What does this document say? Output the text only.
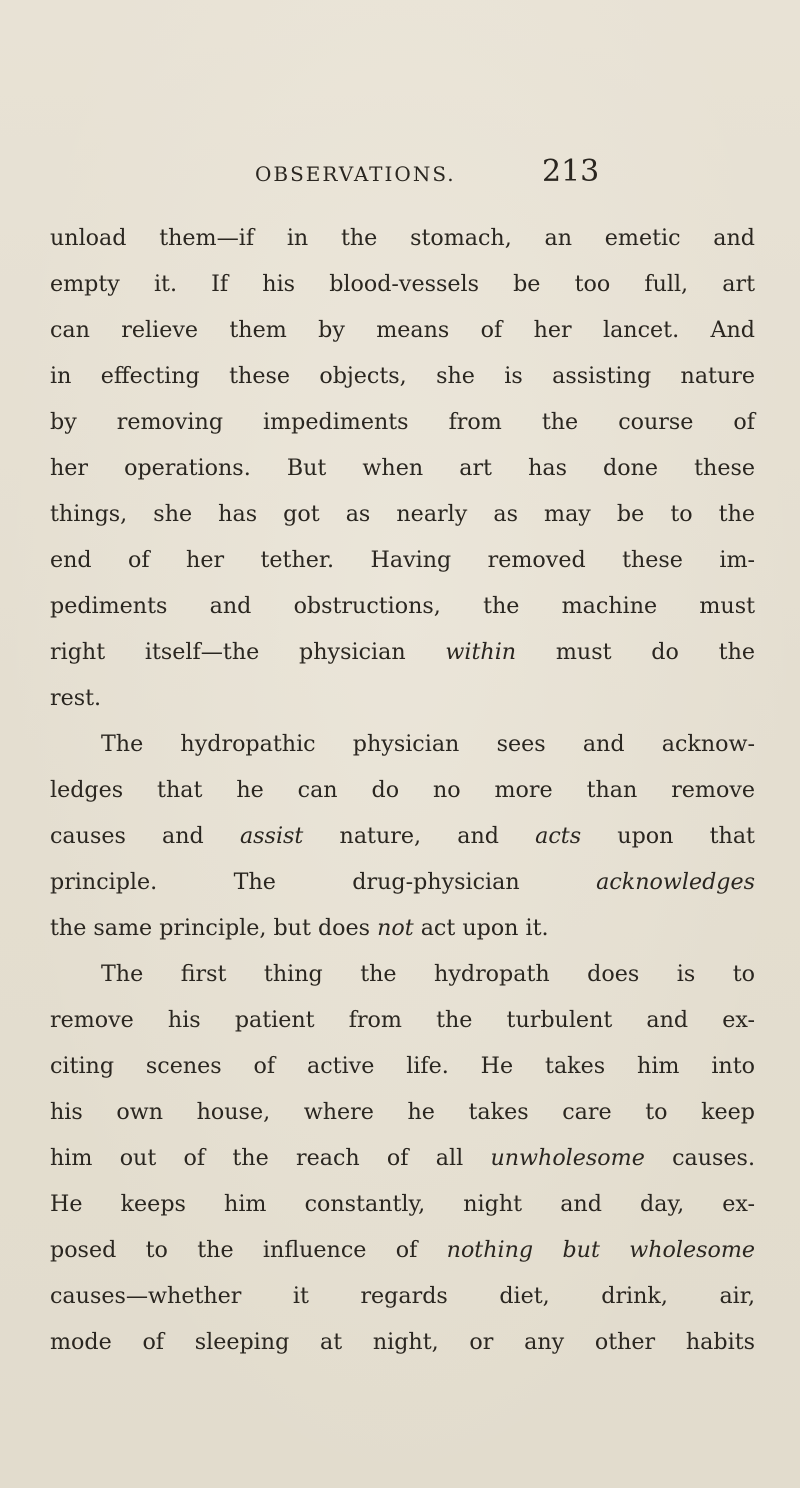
OBSERVATIONS.	213
unload them—if in the stomach, an emetic and
empty it. If his blood-vessels be too full, art
can relieve them by means of her lancet. And
in effecting these objects, she is assisting nature
by removing impediments from the course of
her operations. But when art has done these
things, she has got as nearly as may be to the
end of her tether. Having removed these im-
pediments and obstructions, the machine must
right itself—the physician within must do the
rest.
The hydropathic physician sees and acknow-
ledges that he can do no more than remove
causes and assist nature, and acts upon that
principle. The drug-physician acknowledges
the same principle, but does not act upon it.
The first thing the hydropath does is to
remove his patient from the turbulent and ex-
citing scenes of active life. He takes him into
his own house, where he takes care to keep
him out of the reach of all unwholesome causes.
He keeps him constantly, night and day, ex-
posed to the influence of nothing but wholesome
causes—whether it regards diet, drink, air,
mode of sleeping at night, or any other habits
